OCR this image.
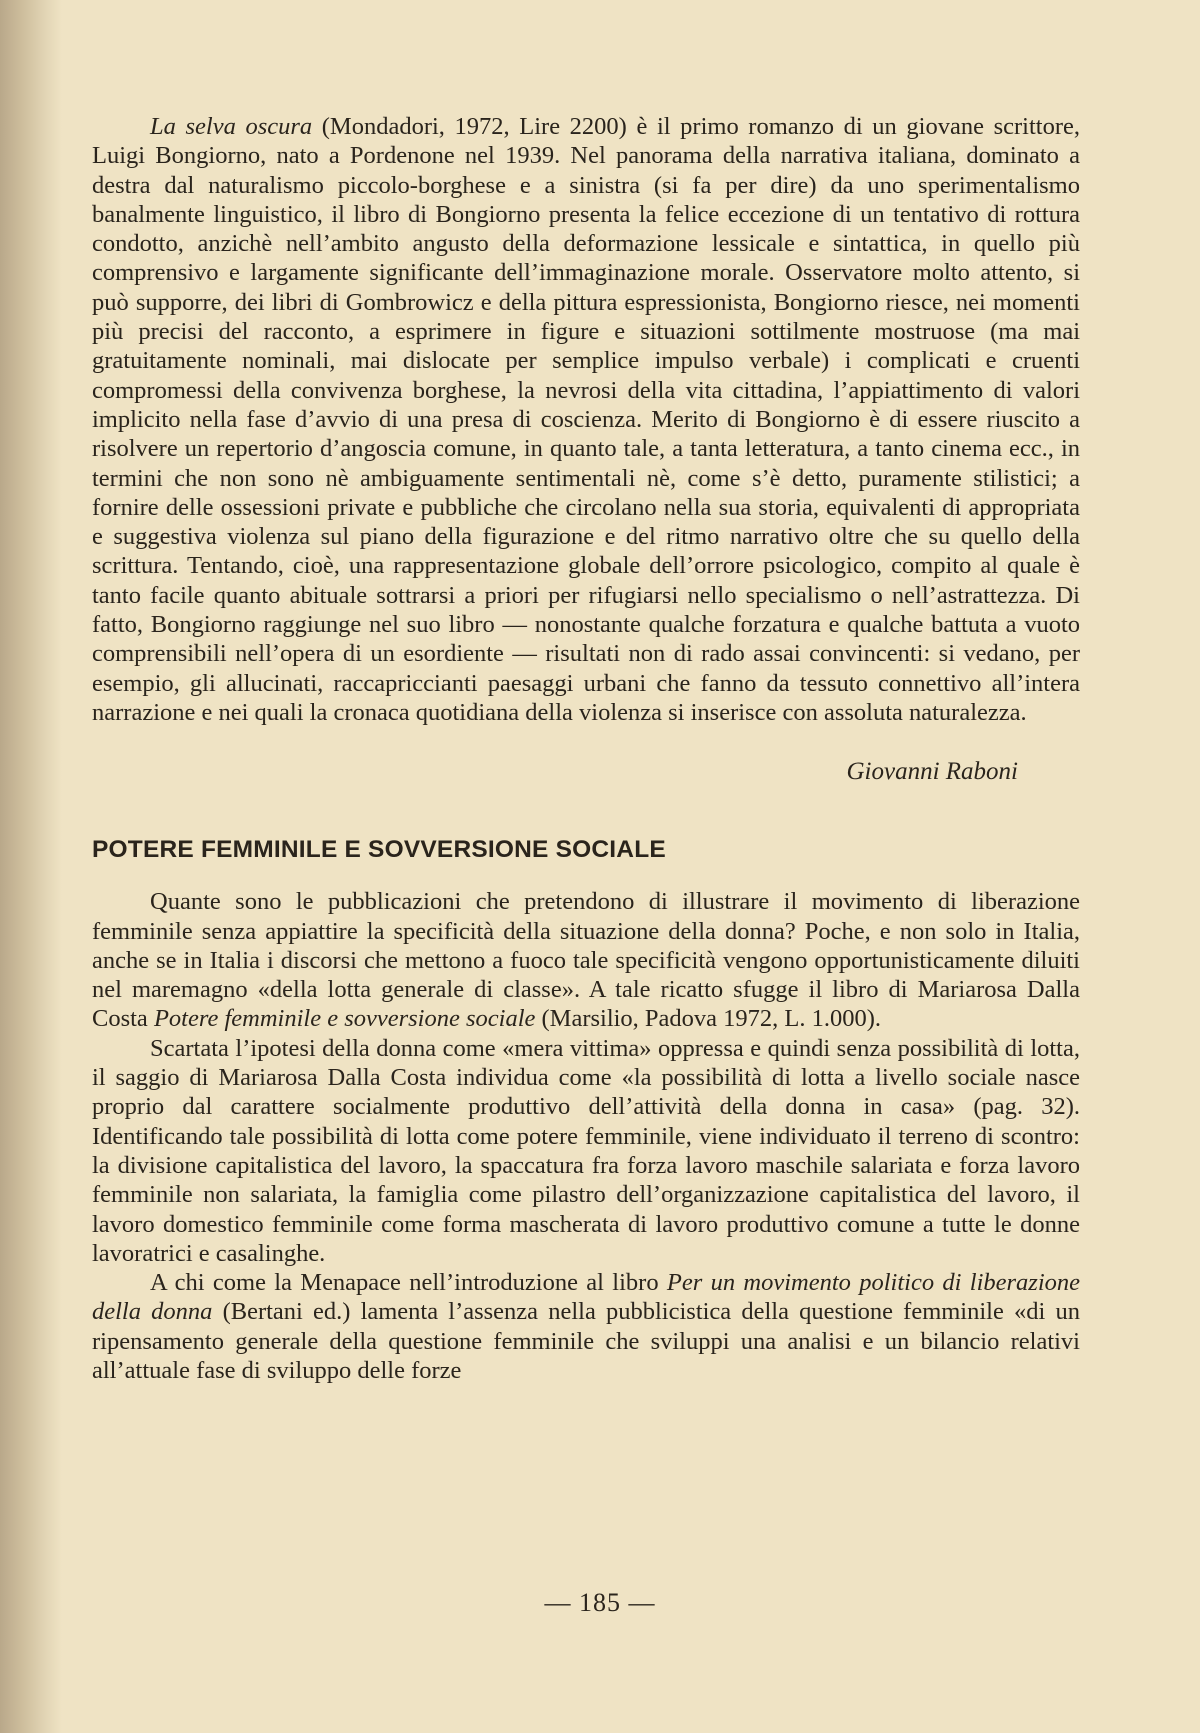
La selva oscura (Mondadori, 1972, Lire 2200) è il primo romanzo di un giovane scrittore, Luigi Bongiorno, nato a Pordenone nel 1939. Nel panorama della narrativa italiana, dominato a destra dal naturalismo piccolo-borghese e a sinistra (si fa per dire) da uno sperimentalismo banalmente linguistico, il libro di Bongiorno presenta la felice eccezione di un tentativo di rottura condotto, anzichè nell’ambito angusto della deformazione lessicale e sintattica, in quello più comprensivo e largamente significante dell’immaginazione morale. Osservatore molto attento, si può supporre, dei libri di Gombrowicz e della pittura espressionista, Bongiorno riesce, nei momenti più precisi del racconto, a esprimere in figure e situazioni sottilmente mostruose (ma mai gratuitamente nominali, mai dislocate per semplice impulso verbale) i complicati e cruenti compromessi della convivenza borghese, la nevrosi della vita cittadina, l’appiattimento di valori implicito nella fase d’avvio di una presa di coscienza. Merito di Bongiorno è di essere riuscito a risolvere un repertorio d’angoscia comune, in quanto tale, a tanta letteratura, a tanto cinema ecc., in termini che non sono nè ambiguamente sentimentali nè, come s’è detto, puramente stilistici; a fornire delle ossessioni private e pubbliche che circolano nella sua storia, equivalenti di appropriata e suggestiva violenza sul piano della figurazione e del ritmo narrativo oltre che su quello della scrittura. Tentando, cioè, una rappresentazione globale dell’orrore psicologico, compito al quale è tanto facile quanto abituale sottrarsi a priori per rifugiarsi nello specialismo o nell’astrattezza. Di fatto, Bongiorno raggiunge nel suo libro — nonostante qualche forzatura e qualche battuta a vuoto comprensibili nell’opera di un esordiente — risultati non di rado assai convincenti: si vedano, per esempio, gli allucinati, raccapriccianti paesaggi urbani che fanno da tessuto connettivo all’intera narrazione e nei quali la cronaca quotidiana della violenza si inserisce con assoluta naturalezza.

Giovanni Raboni
POTERE FEMMINILE E SOVVERSIONE SOCIALE

Quante sono le pubblicazioni che pretendono di illustrare il movimento di liberazione femminile senza appiattire la specificità della situazione della donna? Poche, e non solo in Italia, anche se in Italia i discorsi che mettono a fuoco tale specificità vengono opportunisticamente diluiti nel maremagno «della lotta generale di classe». A tale ricatto sfugge il libro di Mariarosa Dalla Costa Potere femminile e sovversione sociale (Marsilio, Padova 1972, L. 1.000).

Scartata l’ipotesi della donna come «mera vittima» oppressa e quindi senza possibilità di lotta, il saggio di Mariarosa Dalla Costa individua come «la possibilità di lotta a livello sociale nasce proprio dal carattere socialmente produttivo dell’attività della donna in casa» (pag. 32). Identificando tale possibilità di lotta come potere femminile, viene individuato il terreno di scontro: la divisione capitalistica del lavoro, la spaccatura fra forza lavoro maschile salariata e forza lavoro femminile non salariata, la famiglia come pilastro dell’organizzazione capitalistica del lavoro, il lavoro domestico femminile come forma mascherata di lavoro produttivo comune a tutte le donne lavoratrici e casalinghe.

A chi come la Menapace nell’introduzione al libro Per un movimento politico di liberazione della donna (Bertani ed.) lamenta l’assenza nella pubblicistica della questione femminile «di un ripensamento generale della questione femminile che sviluppi una analisi e un bilancio relativi all’attuale fase di sviluppo delle forze

— 185 —
